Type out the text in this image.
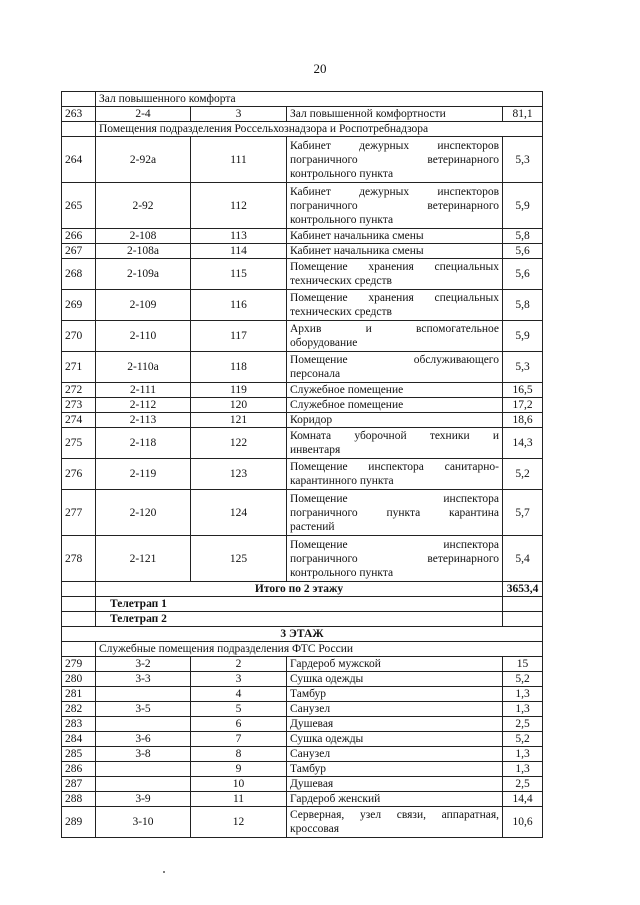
20
	Зал повышенного комфорта			
263	2-4	3	Зал повышенной комфортности	81,1
	Помещения подразделения Россельхознадзора и Роспотребнадзора			
264	2-92а	111	Кабинет дежурных инспекторов
пограничного ветеринарного
контрольного пункта	5,3
265	2-92	112	Кабинет дежурных инспекторов
пограничного ветеринарного
контрольного пункта	5,9
266	2-108	113	Кабинет начальника смены	5,8
267	2-108а	114	Кабинет начальника смены	5,6
268	2-109а	115	Помещение хранения специальных
технических средств	5,6
269	2-109	116	Помещение хранения специальных
технических средств	5,8
270	2-110	117	Архив и вспомогательное
оборудование	5,9
271	2-110а	118	Помещение обслуживающего
персонала	5,3
272	2-111	119	Служебное помещение	16,5
273	2-112	120	Служебное помещение	17,2
274	2-113	121	Коридор	18,6
275	2-118	122	Комната уборочной техники и
инвентаря	14,3
276	2-119	123	Помещение инспектора санитарно-
карантинного пункта	5,2
277	2-120	124	Помещение инспектора
пограничного пункта карантина
растений	5,7
278	2-121	125	Помещение инспектора
пограничного ветеринарного
контрольного пункта	5,4
	Итого по 2 этажу			3653,4
	Телетрап 1			
	Телетрап 2			
3 ЭТАЖ				
	Служебные помещения подразделения ФТС России			
279	3-2	2	Гардероб мужской	15
280	3-3	3	Сушка одежды	5,2
281		4	Тамбур	1,3
282	3-5	5	Санузел	1,3
283		6	Душевая	2,5
284	3-6	7	Сушка одежды	5,2
285	3-8	8	Санузел	1,3
286		9	Тамбур	1,3
287		10	Душевая	2,5
288	3-9	11	Гардероб женский	14,4
289	3-10	12	Серверная, узел связи, аппаратная,
кроссовая	10,6
